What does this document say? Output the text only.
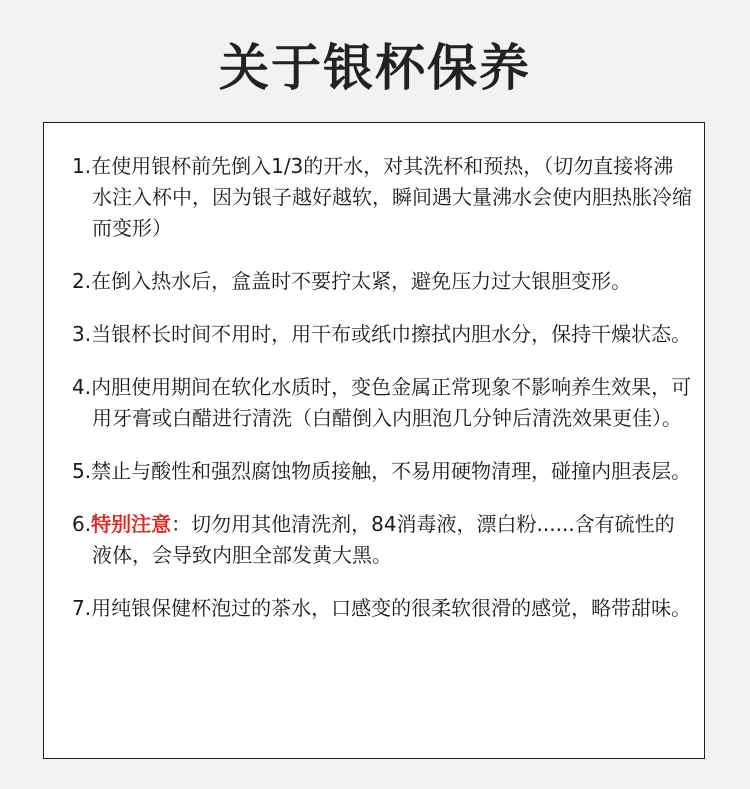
关于银杯保养
1.在使用银杯前先倒入1/3的开水，对其洗杯和预热，（切勿直接将沸水注入杯中，因为银子越好越软，瞬间遇大量沸水会使内胆热胀冷缩而变形）
2.在倒入热水后，盒盖时不要拧太紧，避免压力过大银胆变形。
3.当银杯长时间不用时，用干布或纸巾擦拭内胆水分，保持干燥状态。
4.内胆使用期间在软化水质时，变色金属正常现象不影响养生效果，可用牙膏或白醋进行清洗（白醋倒入内胆泡几分钟后清洗效果更佳）。
5.禁止与酸性和强烈腐蚀物质接触，不易用硬物清理，碰撞内胆表层。
6.特别注意：切勿用其他清洗剂，84消毒液，漂白粉......含有硫性的液体，会导致内胆全部发黄大黑。
7.用纯银保健杯泡过的茶水，口感变的很柔软很滑的感觉，略带甜味。
